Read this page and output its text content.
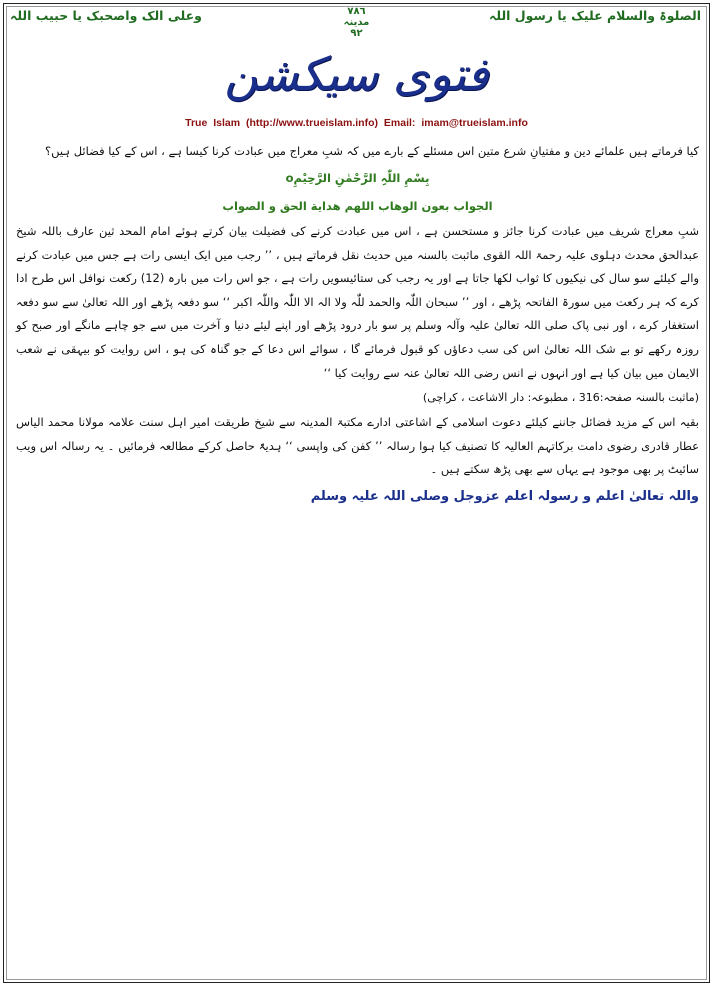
الصلوۃ والسلام علیک یا رسول اللہ
۷۸٦
مدینہ
۹۲
وعلی الک واصحبک یا حبیب اللہ
فتوی سیکشن
True Islam (http://www.trueislam.info) Email: imam@trueislam.info
کیا فرماتے ہیں علمائے دین و مفتیانِ شرع متین اس مسئلے کے بارے میں کہ شبِ معراج میں عبادت کرنا کیسا ہے ، اس کے کیا فضائل ہیں؟
بِسْمِ اللّٰہِ الرَّحْمٰنِ الرَّحِیْمِo
الجواب بعون الوهاب اللهم هداية الحق و الصواب
شبِ معراج شریف میں عبادت کرنا جائز و مستحسن ہے ، اس میں عبادت کرنے کی فضیلت بیان کرتے ہوئے امام المحد ثین عارف باللہ شیخ عبدالحق محدث دہلوی علیہ رحمۃ اللہ القوی ماثبت بالسنہ میں حدیث نقل فرماتے ہیں ، ’’ رجب میں ایک ایسی رات ہے جس میں عبادت کرنے والے کیلئے سو سال کی نیکیوں کا ثواب لکھا جاتا ہے اور یہ رجب کی ستائیسویں رات ہے ، جو اس رات میں بارہ (12) رکعت نوافل اس طرح ادا کرے کہ ہر رکعت میں سورۃ الفاتحہ پڑھے ، اور ’’ سبحان اللّٰہ والحمد للّٰہ ولا الہ الا اللّٰہ واللّٰہ اکبر ‘‘ سو دفعہ پڑھے اور اللہ تعالیٰ سے سو دفعہ استغفار کرے ، اور نبی پاک صلی اللہ تعالیٰ علیہ وآلہ وسلم پر سو بار درود پڑھے اور اپنے لیئے دنیا و آخرت میں سے جو چاہے مانگے اور صبح کو روزہ رکھے تو بے شک اللہ تعالیٰ اس کی سب دعاؤں کو قبول فرمائے گا ، سوائے اس دعا کے جو گناہ کی ہو ، اس روایت کو بیہقی نے شعب الایمان میں بیان کیا ہے اور انہوں نے انس رضی اللہ تعالیٰ عنہ سے روایت کیا ‘‘
(ماثبت بالسنہ صفحہ:316 ، مطبوعہ: دار الاشاعت ، کراچی)
بقیہ اس کے مزید فضائل جاننے کیلئے دعوت اسلامی کے اشاعتی ادارے مکتبۃ المدینہ سے شیخ طریقت امیر اہل سنت علامہ مولانا محمد الیاس عطار قادری رضوی دامت برکاتہم العالیہ کا تصنیف کیا ہوا رسالہ ’’ کفن کی واپسی ‘‘ ہدیۃً حاصل کرکے مطالعہ فرمائیں ۔ یہ رسالہ اس ویب سائیٹ پر بھی موجود ہے یہاں سے بھی پڑھ سکتے ہیں ۔
واللہ تعالیٰ اعلم و رسولہ اعلم عزوجل وصلی اللہ علیہ وسلم
